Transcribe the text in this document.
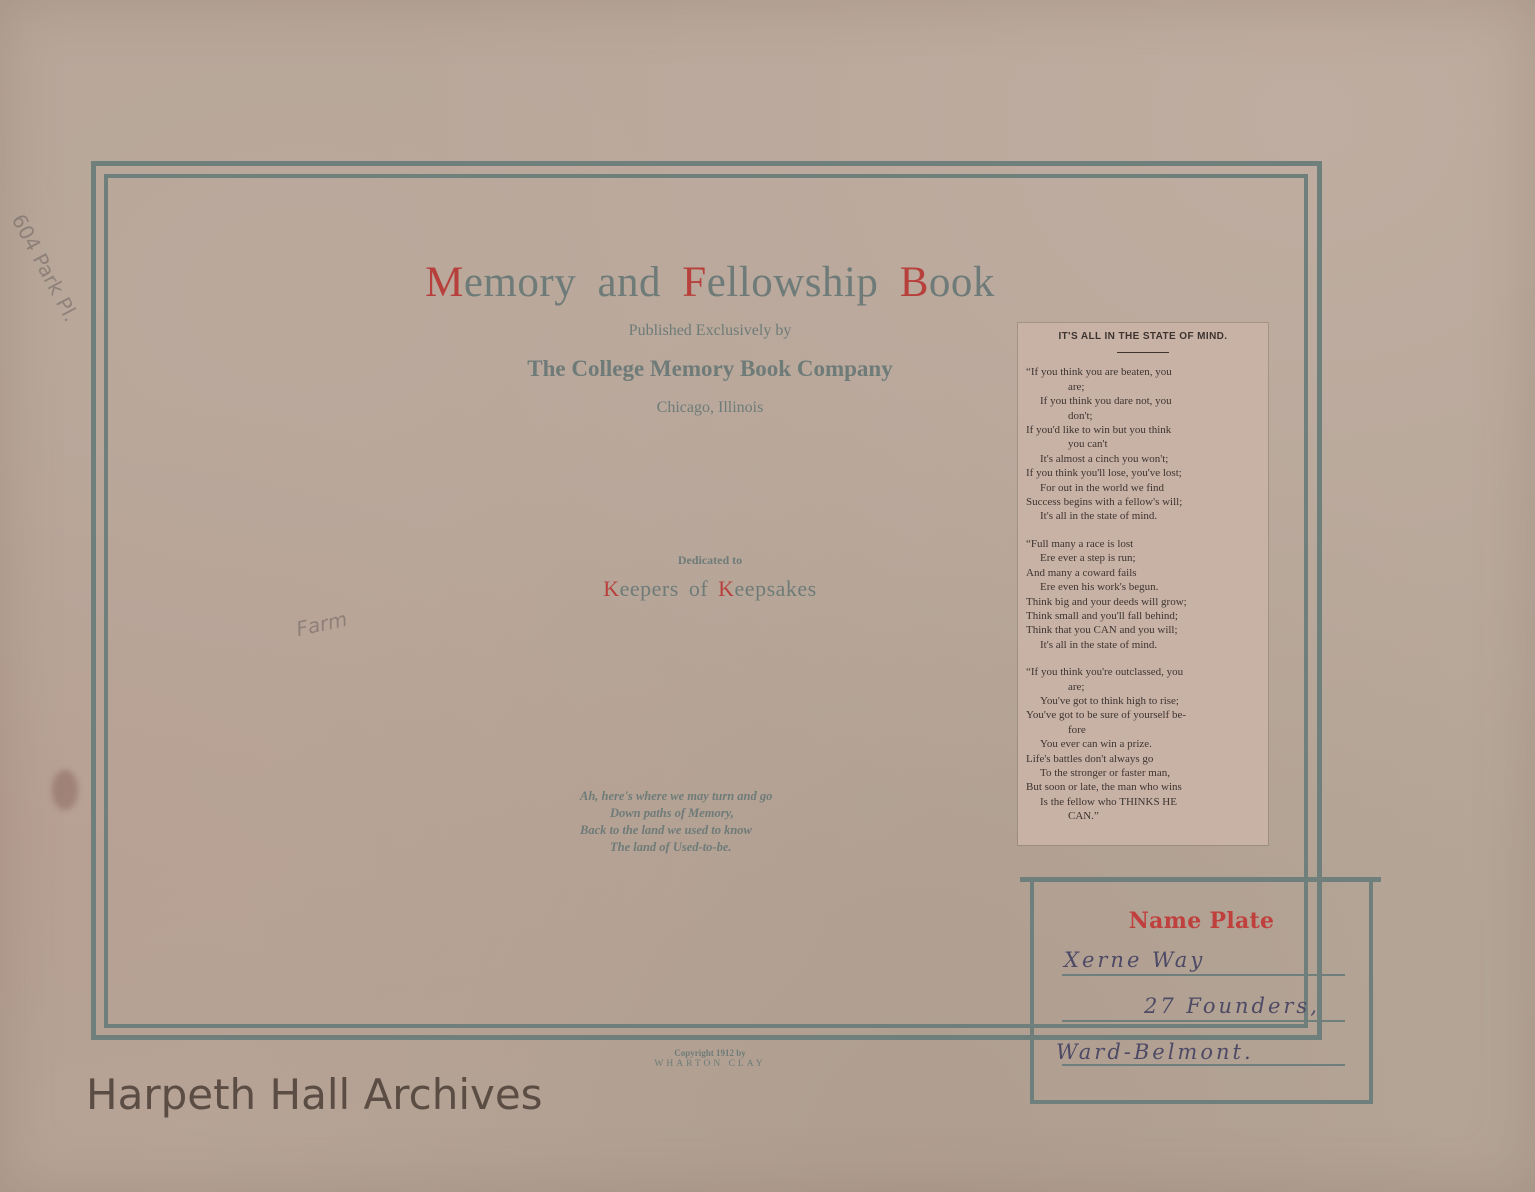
604 Park Pl.
Farm
Memory and Fellowship Book
Published Exclusively by
The College Memory Book Company
Chicago, Illinois
Dedicated to
Keepers of Keepsakes
Ah, here's where we may turn and go
Down paths of Memory,
Back to the land we used to know
The land of Used-to-be.
Copyright 1912 by
WHARTON CLAY
IT'S ALL IN THE STATE OF MIND.
“If you think you are beaten, you
are;
If you think you dare not, you
don't;
If you'd like to win but you think
you can't
It's almost a cinch you won't;
If you think you'll lose, you've lost;
For out in the world we find
Success begins with a fellow's will;
It's all in the state of mind.
“Full many a race is lost
Ere ever a step is run;
And many a coward fails
Ere even his work's begun.
Think big and your deeds will grow;
Think small and you'll fall behind;
Think that you CAN and you will;
It's all in the state of mind.
“If you think you're outclassed, you
are;
You've got to think high to rise;
You've got to be sure of yourself be-
fore
You ever can win a prize.
Life's battles don't always go
To the stronger or faster man,
But soon or late, the man who wins
Is the fellow who THINKS HE
CAN.”
Name Plate
Xerne Way
27 Founders,
Ward-Belmont.
Harpeth Hall Archives
